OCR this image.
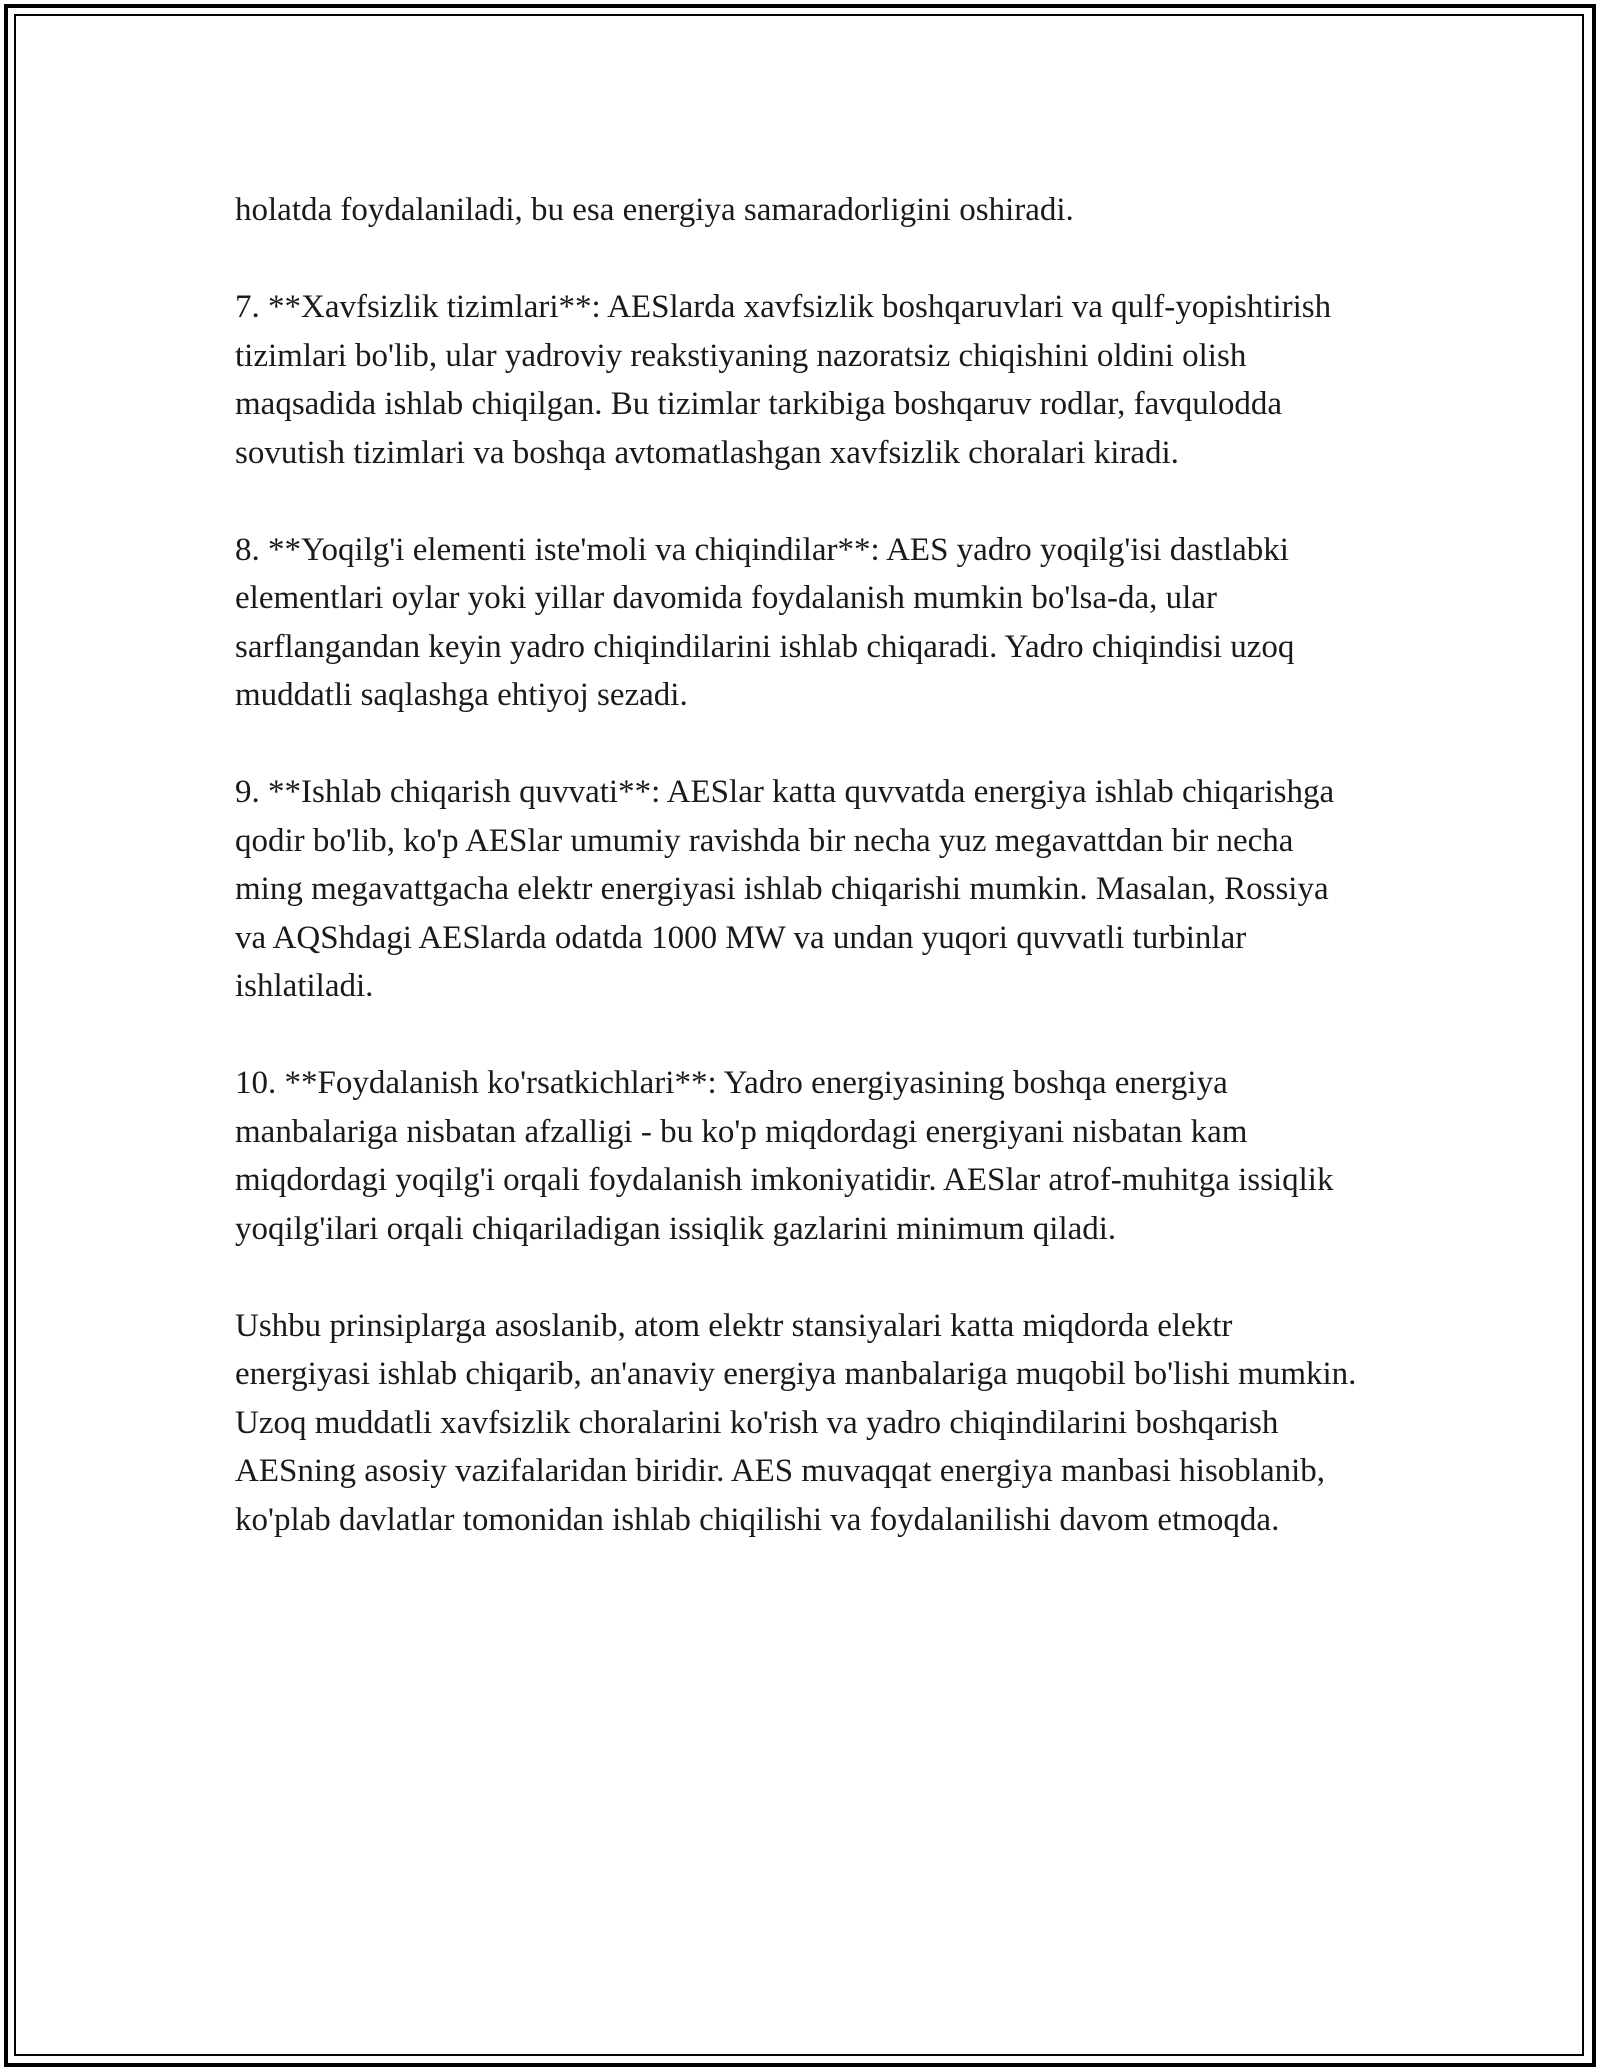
holatda foydalaniladi, bu esa energiya samaradorligini oshiradi.

7. **Xavfsizlik tizimlari**: AESlarda xavfsizlik boshqaruvlari va qulf-yopishtirish tizimlari bo'lib, ular yadroviy reakstiyaning nazoratsiz chiqishini oldini olish maqsadida ishlab chiqilgan. Bu tizimlar tarkibiga boshqaruv rodlar, favqulodda sovutish tizimlari va boshqa avtomatlashgan xavfsizlik choralari kiradi.

8. **Yoqilg'i elementi iste'moli va chiqindilar**: AES yadro yoqilg'isi dastlabki elementlari oylar yoki yillar davomida foydalanish mumkin bo'lsa-da, ular sarflangandan keyin yadro chiqindilarini ishlab chiqaradi. Yadro chiqindisi uzoq muddatli saqlashga ehtiyoj sezadi.

9. **Ishlab chiqarish quvvati**: AESlar katta quvvatda energiya ishlab chiqarishga qodir bo'lib, ko'p AESlar umumiy ravishda bir necha yuz megavattdan bir necha ming megavattgacha elektr energiyasi ishlab chiqarishi mumkin. Masalan, Rossiya va AQShdagi AESlarda odatda 1000 MW va undan yuqori quvvatli turbinlar ishlatiladi.

10. **Foydalanish ko'rsatkichlari**: Yadro energiyasining boshqa energiya manbalariga nisbatan afzalligi - bu ko'p miqdordagi energiyani nisbatan kam miqdordagi yoqilg'i orqali foydalanish imkoniyatidir. AESlar atrof-muhitga issiqlik yoqilg'ilari orqali chiqariladigan issiqlik gazlarini minimum qiladi.

Ushbu prinsiplarga asoslanib, atom elektr stansiyalari katta miqdorda elektr energiyasi ishlab chiqarib, an'anaviy energiya manbalariga muqobil bo'lishi mumkin. Uzoq muddatli xavfsizlik choralarini ko'rish va yadro chiqindilarini boshqarish AESning asosiy vazifalaridan biridir. AES muvaqqat energiya manbasi hisoblanib, ko'plab davlatlar tomonidan ishlab chiqilishi va foydalanilishi davom etmoqda.
